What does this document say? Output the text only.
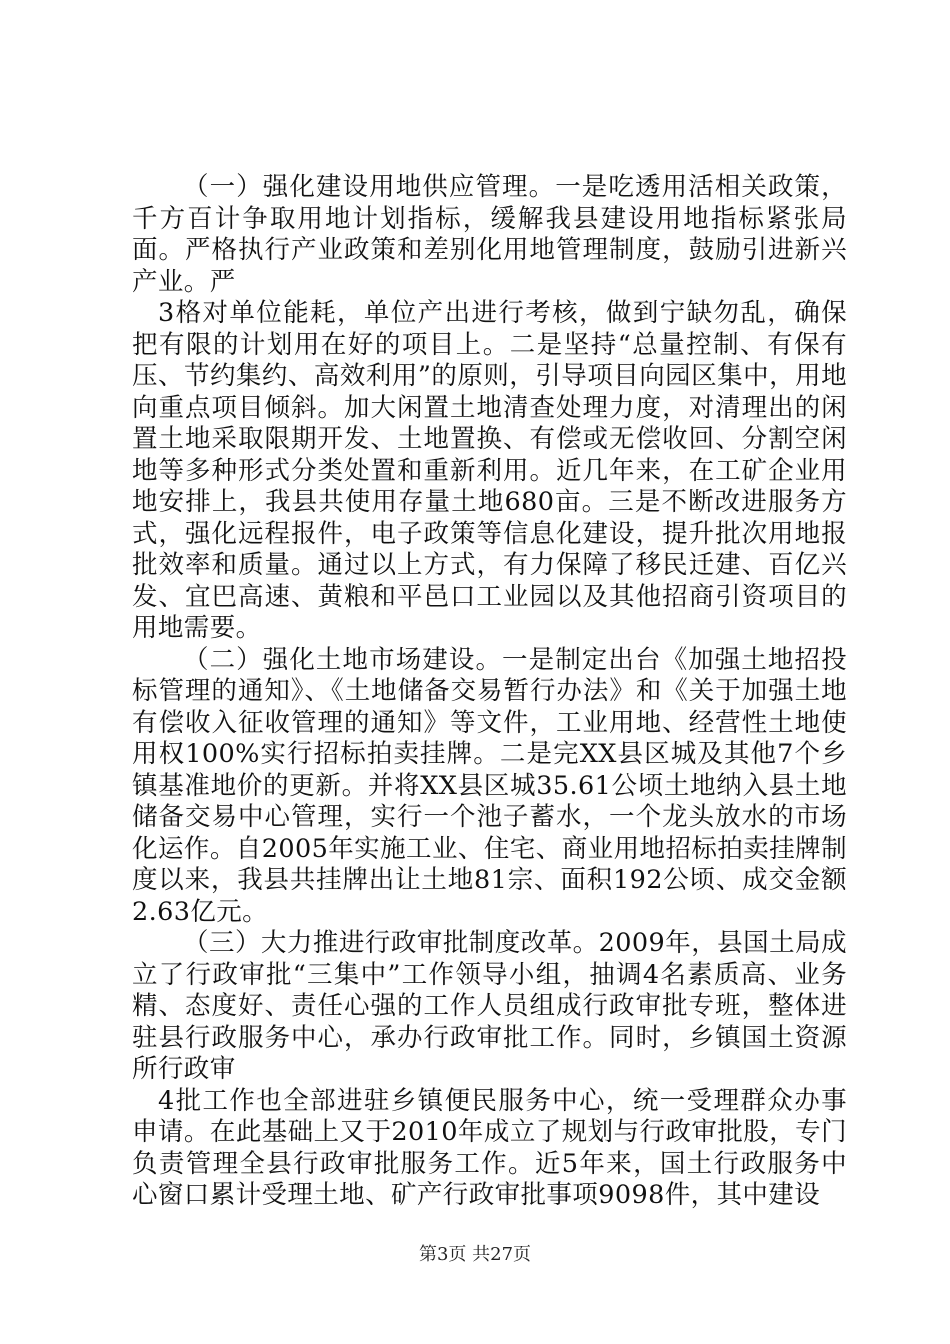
（一）强化建设用地供应管理。一是吃透用活相关政策，千方百计争取用地计划指标，缓解我县建设用地指标紧张局面。严格执行产业政策和差别化用地管理制度，鼓励引进新兴产业。严

3格对单位能耗，单位产出进行考核，做到宁缺勿乱，确保把有限的计划用在好的项目上。二是坚持“总量控制、有保有压、节约集约、高效利用”的原则，引导项目向园区集中，用地向重点项目倾斜。加大闲置土地清查处理力度，对清理出的闲置土地采取限期开发、土地置换、有偿或无偿收回、分割空闲地等多种形式分类处置和重新利用。近几年来，在工矿企业用地安排上，我县共使用存量土地680亩。三是不断改进服务方式，强化远程报件，电子政策等信息化建设，提升批次用地报批效率和质量。通过以上方式，有力保障了移民迁建、百亿兴发、宜巴高速、黄粮和平邑口工业园以及其他招商引资项目的用地需要。

（二）强化土地市场建设。一是制定出台《加强土地招投标管理的通知》、《土地储备交易暂行办法》和《关于加强土地有偿收入征收管理的通知》等文件，工业用地、经营性土地使用权100%实行招标拍卖挂牌。二是完XX县区城及其他7个乡镇基准地价的更新。并将XX县区城35.61公顷土地纳入县土地储备交易中心管理，实行一个池子蓄水，一个龙头放水的市场化运作。自2005年实施工业、住宅、商业用地招标拍卖挂牌制度以来，我县共挂牌出让土地81宗、面积192公顷、成交金额2.63亿元。

（三）大力推进行政审批制度改革。2009年，县国土局成立了行政审批“三集中”工作领导小组，抽调4名素质高、业务精、态度好、责任心强的工作人员组成行政审批专班，整体进驻县行政服务中心，承办行政审批工作。同时，乡镇国土资源所行政审

4批工作也全部进驻乡镇便民服务中心，统一受理群众办事申请。在此基础上又于2010年成立了规划与行政审批股，专门负责管理全县行政审批服务工作。近5年来，国土行政服务中心窗口累计受理土地、矿产行政审批事项9098件，其中建设

第3页 共27页
